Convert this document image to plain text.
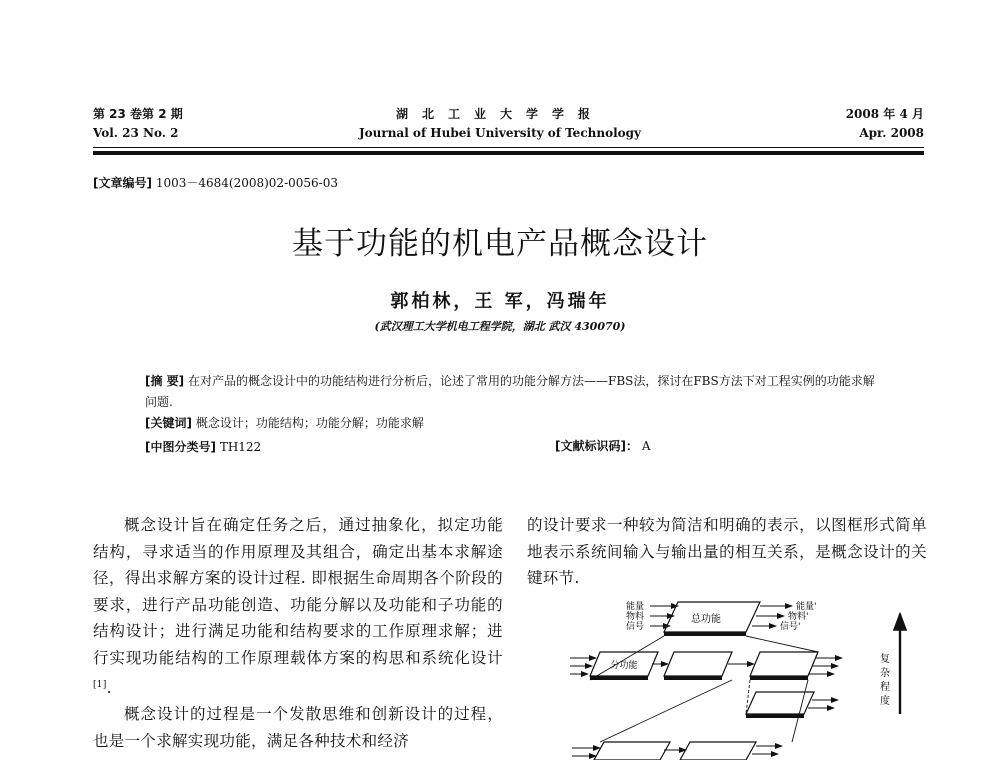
第 23 卷第 2 期
Vol. 23 No. 2
湖北工业大学学报
Journal of Hubei University of Technology
2008 年 4 月
Apr. 2008
[文章编号] 1003－4684(2008)02-0056-03
基于功能的机电产品概念设计
郭柏林，王 军，冯瑞年
(武汉理工大学机电工程学院，湖北 武汉 430070)
[摘 要] 在对产品的概念设计中的功能结构进行分析后，论述了常用的功能分解方法——FBS法，探讨在FBS方法下对工程实例的功能求解问题.
[关键词] 概念设计；功能结构；功能分解；功能求解
[中图分类号] TH122	[文献标识码]： A

概念设计旨在确定任务之后，通过抽象化，拟定功能结构，寻求适当的作用原理及其组合，确定出基本求解途径，得出求解方案的设计过程. 即根据生命周期各个阶段的要求，进行产品功能创造、功能分解以及功能和子功能的结构设计；进行满足功能和结构要求的工作原理求解；进行实现功能结构的工作原理载体方案的构思和系统化设计[1].

概念设计的过程是一个发散思维和创新设计的过程，也是一个求解实现功能，满足各种技术和经济

的设计要求一种较为简洁和明确的表示，以图框形式简单地表示系统间输入与输出量的相互关系，是概念设计的关键环节.

总功能
能量
物料
信号
能量'
物料'
信号'
分功能
复
杂
程
度
